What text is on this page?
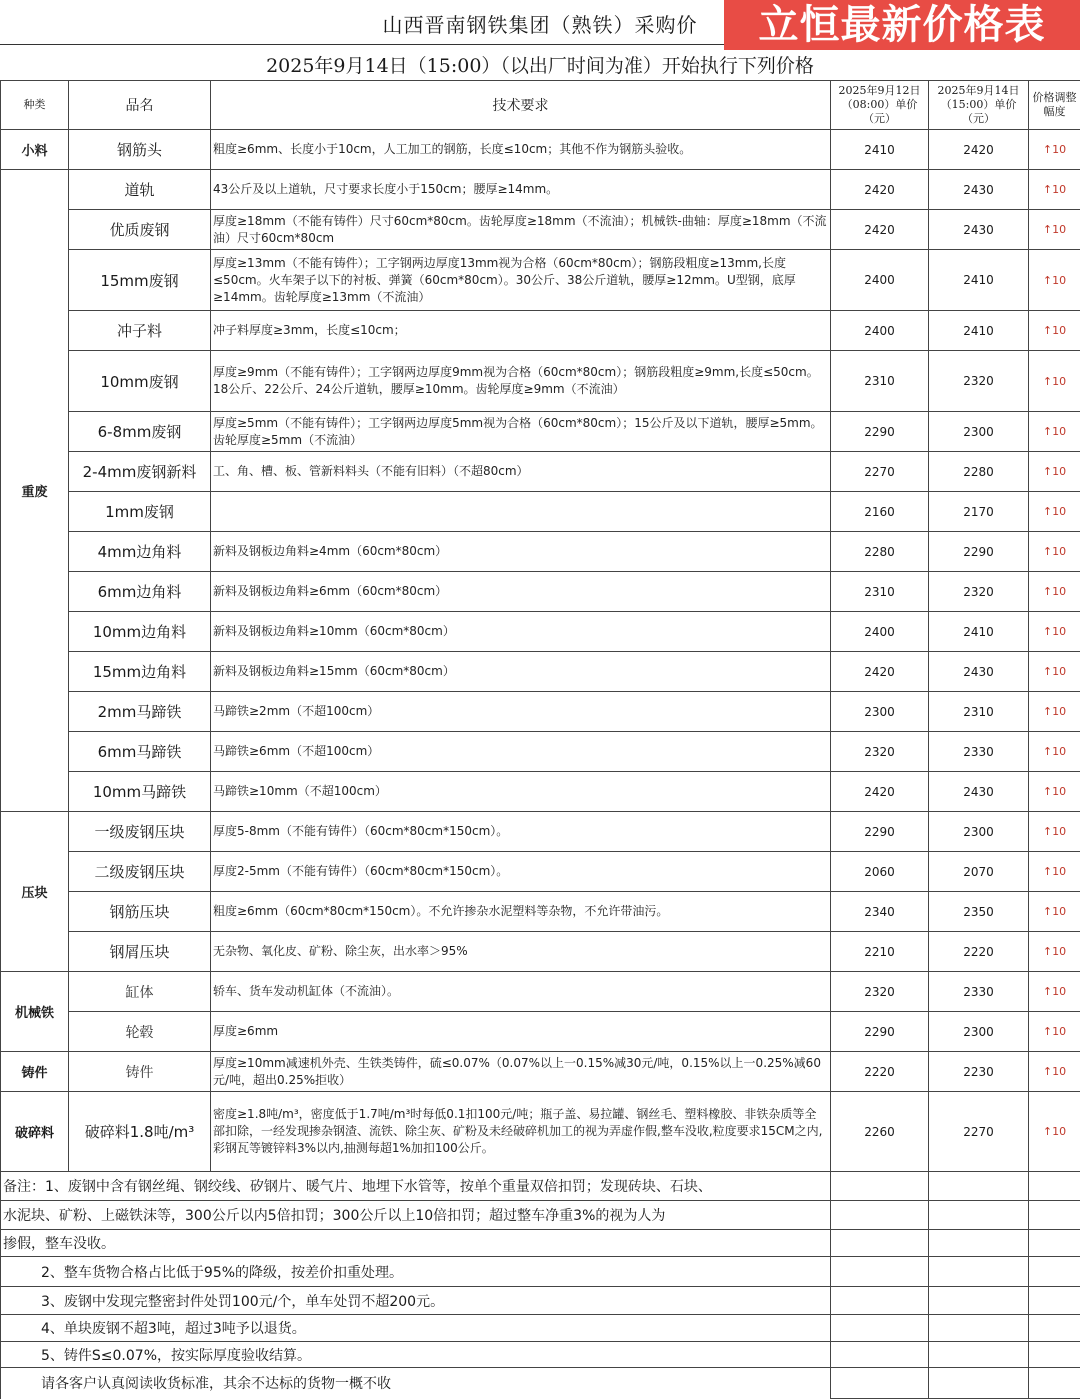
山西晋南钢铁集团（熟铁）采购价	立恒最新价格表
2025年9月14日（15:00）（以出厂时间为准）开始执行下列价格
种类	品名	技术要求	2025年9月12日（08:00）单价（元）	2025年9月14日（15:00）单价（元）	价格调整幅度
小料	钢筋头	粗度≥6mm、长度小于10cm，人工加工的钢筋，长度≤10cm；其他不作为钢筋头验收。	2410	2420	↑10
重废	道轨	43公斤及以上道轨，尺寸要求长度小于150cm；腰厚≥14mm。	2420	2430	↑10
	优质废钢	厚度≥18mm（不能有铸件）尺寸60cm*80cm。齿轮厚度≥18mm（不流油）；机械铁-曲轴：厚度≥18mm（不流油）尺寸60cm*80cm	2420	2430	↑10
	15mm废钢	厚度≥13mm（不能有铸件）；工字钢两边厚度13mm视为合格（60cm*80cm）；钢筋段粗度≥13mm,长度≤50cm。火车架子以下的衬板、弹簧（60cm*80cm）。30公斤、38公斤道轨，腰厚≥12mm。U型钢，底厚≥14mm。齿轮厚度≥13mm（不流油）	2400	2410	↑10
	冲子料	冲子料厚度≥3mm，长度≤10cm；	2400	2410	↑10
	10mm废钢	厚度≥9mm（不能有铸件）；工字钢两边厚度9mm视为合格（60cm*80cm）；钢筋段粗度≥9mm,长度≤50cm。18公斤、22公斤、24公斤道轨，腰厚≥10mm。齿轮厚度≥9mm（不流油）	2310	2320	↑10
	6-8mm废钢	厚度≥5mm（不能有铸件）；工字钢两边厚度5mm视为合格（60cm*80cm）；15公斤及以下道轨，腰厚≥5mm。齿轮厚度≥5mm（不流油）	2290	2300	↑10
	2-4mm废钢新料	工、角、槽、板、管新料料头（不能有旧料）（不超80cm）	2270	2280	↑10
	1mm废钢		2160	2170	↑10
	4mm边角料	新料及钢板边角料≥4mm（60cm*80cm）	2280	2290	↑10
	6mm边角料	新料及钢板边角料≥6mm（60cm*80cm）	2310	2320	↑10
	10mm边角料	新料及钢板边角料≥10mm（60cm*80cm）	2400	2410	↑10
	15mm边角料	新料及钢板边角料≥15mm（60cm*80cm）	2420	2430	↑10
	2mm马蹄铁	马蹄铁≥2mm（不超100cm）	2300	2310	↑10
	6mm马蹄铁	马蹄铁≥6mm（不超100cm）	2320	2330	↑10
	10mm马蹄铁	马蹄铁≥10mm（不超100cm）	2420	2430	↑10
压块	一级废钢压块	厚度5-8mm（不能有铸件）（60cm*80cm*150cm）。	2290	2300	↑10
	二级废钢压块	厚度2-5mm（不能有铸件）（60cm*80cm*150cm）。	2060	2070	↑10
	钢筋压块	粗度≥6mm（60cm*80cm*150cm）。不允许掺杂水泥塑料等杂物，不允许带油污。	2340	2350	↑10
	钢屑压块	无杂物、氧化皮、矿粉、除尘灰，出水率＞95%	2210	2220	↑10
机械铁	缸体	轿车、货车发动机缸体（不流油）。	2320	2330	↑10
	轮毂	厚度≥6mm	2290	2300	↑10
铸件	铸件	厚度≥10mm减速机外壳、生铁类铸件，硫≤0.07%（0.07%以上一0.15%减30元/吨，0.15%以上一0.25%减60元/吨，超出0.25%拒收）	2220	2230	↑10
破碎料	破碎料1.8吨/m³	密度≥1.8吨/m³，密度低于1.7吨/m³时每低0.1扣100元/吨；瓶子盖、易拉罐、钢丝毛、塑料橡胶、非铁杂质等全部扣除，一经发现掺杂钢渣、流铁、除尘灰、矿粉及未经破碎机加工的视为弄虚作假,整车没收,粒度要求15CM之内,彩钢瓦等镀锌料3%以内,抽测每超1%加扣100公斤。	2260	2270	↑10
备注：1、废钢中含有钢丝绳、钢绞线、矽钢片、暖气片、地埋下水管等，按单个重量双倍扣罚；发现砖块、石块、					
水泥块、矿粉、上磁铁沫等，300公斤以内5倍扣罚；300公斤以上10倍扣罚；超过整车净重3%的视为人为					
掺假，整车没收。					
2、整车货物合格占比低于95%的降级，按差价扣重处理。					
3、废钢中发现完整密封件处罚100元/个，单车处罚不超200元。					
4、单块废钢不超3吨，超过3吨予以退货。					
5、铸件S≤0.07%，按实际厚度验收结算。					
请各客户认真阅读收货标准，其余不达标的货物一概不收					
